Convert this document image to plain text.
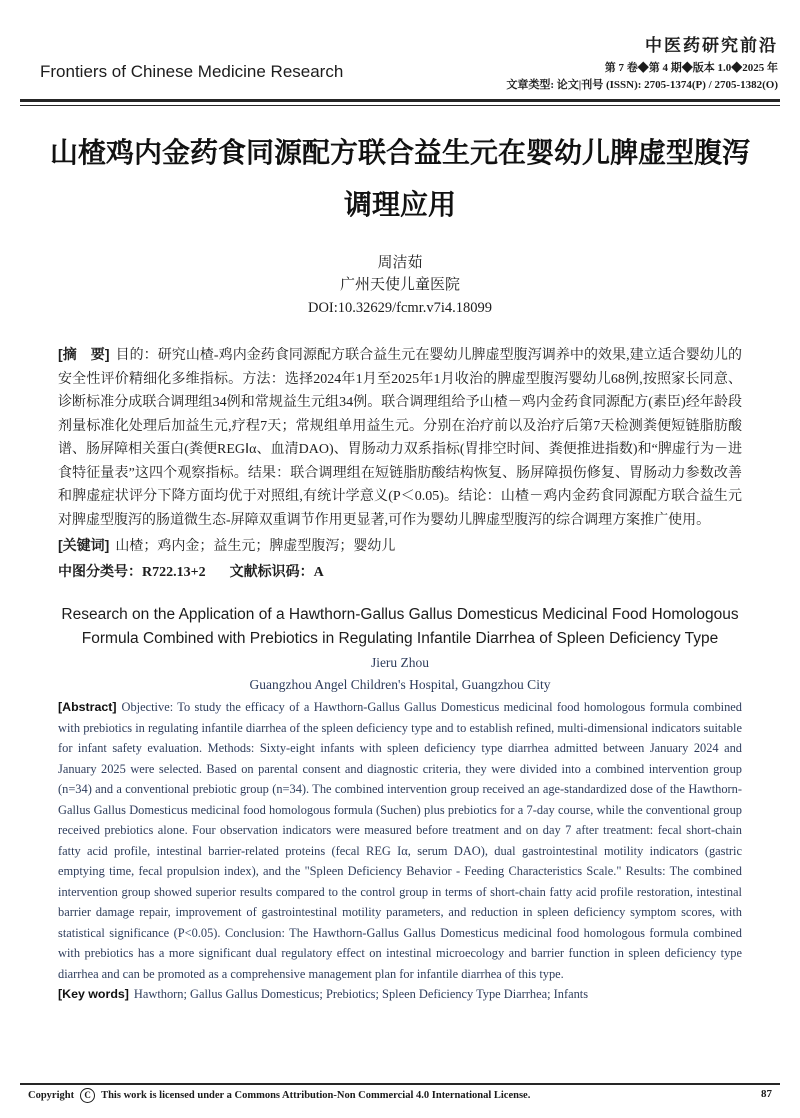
Frontiers of Chinese Medicine Research
中医药研究前沿
第 7 卷◆第 4 期◆版本 1.0◆2025 年
文章类型: 论文|刊号 (ISSN): 2705-1374(P) / 2705-1382(O)
山楂鸡内金药食同源配方联合益生元在婴幼儿脾虚型腹泻调理应用
周洁茹
广州天使儿童医院
DOI:10.32629/fcmr.v7i4.18099

[摘　要] 目的：研究山楂-鸡内金药食同源配方联合益生元在婴幼儿脾虚型腹泻调养中的效果,建立适合婴幼儿的安全性评价精细化多维指标。方法：选择2024年1月至2025年1月收治的脾虚型腹泻婴幼儿68例,按照家长同意、诊断标准分成联合调理组34例和常规益生元组34例。联合调理组给予山楂－鸡内金药食同源配方(素臣)经年龄段剂量标准化处理后加益生元,疗程7天；常规组单用益生元。分别在治疗前以及治疗后第7天检测粪便短链脂肪酸谱、肠屏障相关蛋白(粪便REGⅠα、血清DAO)、胃肠动力双系指标(胃排空时间、粪便推进指数)和“脾虚行为－进食特征量表”这四个观察指标。结果：联合调理组在短链脂肪酸结构恢复、肠屏障损伤修复、胃肠动力参数改善和脾虚症状评分下降方面均优于对照组,有统计学意义(P＜0.05)。结论：山楂－鸡内金药食同源配方联合益生元对脾虚型腹泻的肠道微生态-屏障双重调节作用更显著,可作为婴幼儿脾虚型腹泻的综合调理方案推广使用。

[关键词] 山楂；鸡内金；益生元；脾虚型腹泻；婴幼儿

中图分类号：R722.13+2 文献标识码：A

Research on the Application of a Hawthorn-Gallus Gallus Domesticus Medicinal Food Homologous Formula Combined with Prebiotics in Regulating Infantile Diarrhea of Spleen Deficiency Type
Jieru Zhou
Guangzhou Angel Children's Hospital, Guangzhou City

[Abstract] Objective: To study the efficacy of a Hawthorn-Gallus Gallus Domesticus medicinal food homologous formula combined with prebiotics in regulating infantile diarrhea of the spleen deficiency type and to establish refined, multi-dimensional indicators suitable for infant safety evaluation. Methods: Sixty-eight infants with spleen deficiency type diarrhea admitted between January 2024 and January 2025 were selected. Based on parental consent and diagnostic criteria, they were divided into a combined intervention group (n=34) and a conventional prebiotic group (n=34). The combined intervention group received an age-standardized dose of the Hawthorn-Gallus Gallus Domesticus medicinal food homologous formula (Suchen) plus prebiotics for a 7-day course, while the conventional group received prebiotics alone. Four observation indicators were measured before treatment and on day 7 after treatment: fecal short-chain fatty acid profile, intestinal barrier-related proteins (fecal REG Iα, serum DAO), dual gastrointestinal motility indicators (gastric emptying time, fecal propulsion index), and the "Spleen Deficiency Behavior - Feeding Characteristics Scale." Results: The combined intervention group showed superior results compared to the control group in terms of short-chain fatty acid profile restoration, intestinal barrier damage repair, improvement of gastrointestinal motility parameters, and reduction in spleen deficiency symptom scores, with statistical significance (P<0.05). Conclusion: The Hawthorn-Gallus Gallus Domesticus medicinal food homologous formula combined with prebiotics has a more significant dual regulatory effect on intestinal microecology and barrier function in spleen deficiency type diarrhea and can be promoted as a comprehensive management plan for infantile diarrhea of this type.

[Key words] Hawthorn; Gallus Gallus Domesticus; Prebiotics; Spleen Deficiency Type Diarrhea; Infants

Copyright	C This work is licensed under a Commons Attribution-Non Commercial 4.0 International License.	87
